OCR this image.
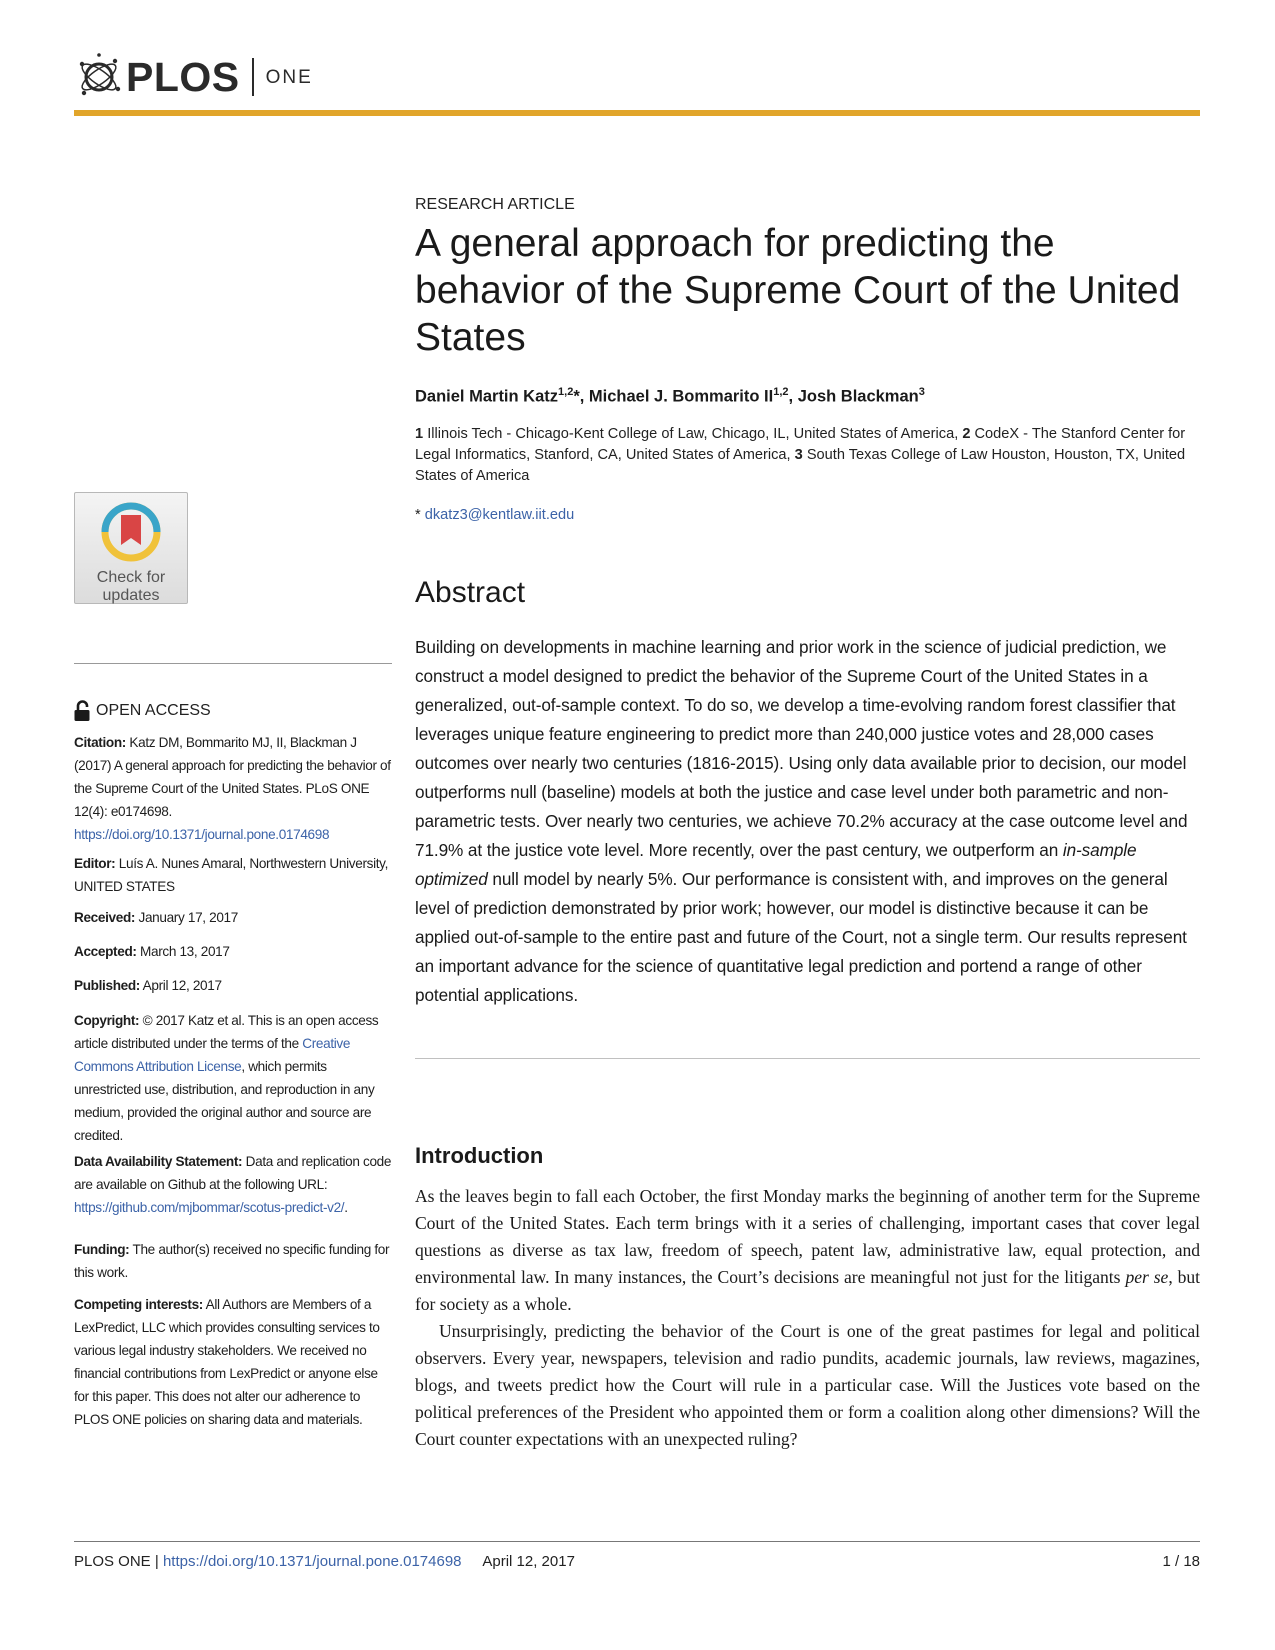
PLOS ONE
Check for
updates
OPEN ACCESS
Citation: Katz DM, Bommarito MJ, II, Blackman J (2017) A general approach for predicting the behavior of the Supreme Court of the United States. PLoS ONE 12(4): e0174698. https://doi.org/10.1371/journal.pone.0174698
Editor: Luís A. Nunes Amaral, Northwestern University, UNITED STATES
Received: January 17, 2017
Accepted: March 13, 2017
Published: April 12, 2017
Copyright: © 2017 Katz et al. This is an open access article distributed under the terms of the Creative Commons Attribution License, which permits unrestricted use, distribution, and reproduction in any medium, provided the original author and source are credited.
Data Availability Statement: Data and replication code are available on Github at the following URL: https://github.com/mjbommar/scotus-predict-v2/.
Funding: The author(s) received no specific funding for this work.
Competing interests: All Authors are Members of a LexPredict, LLC which provides consulting services to various legal industry stakeholders. We received no financial contributions from LexPredict or anyone else for this paper. This does not alter our adherence to PLOS ONE policies on sharing data and materials.
RESEARCH ARTICLE
A general approach for predicting the behavior of the Supreme Court of the United States
Daniel Martin Katz$^{1,2}$*, Michael J. Bommarito II$^{1,2}$, Josh Blackman$^3$
1 Illinois Tech - Chicago-Kent College of Law, Chicago, IL, United States of America, 2 CodeX - The Stanford Center for Legal Informatics, Stanford, CA, United States of America, 3 South Texas College of Law Houston, Houston, TX, United States of America
* dkatz3@kentlaw.iit.edu
Abstract
Building on developments in machine learning and prior work in the science of judicial prediction, we construct a model designed to predict the behavior of the Supreme Court of the United States in a generalized, out-of-sample context. To do so, we develop a time-evolving random forest classifier that leverages unique feature engineering to predict more than 240,000 justice votes and 28,000 cases outcomes over nearly two centuries (1816-2015). Using only data available prior to decision, our model outperforms null (baseline) models at both the justice and case level under both parametric and non-parametric tests. Over nearly two centuries, we achieve 70.2% accuracy at the case outcome level and 71.9% at the justice vote level. More recently, over the past century, we outperform an in-sample optimized null model by nearly 5%. Our performance is consistent with, and improves on the general level of prediction demonstrated by prior work; however, our model is distinctive because it can be applied out-of-sample to the entire past and future of the Court, not a single term. Our results represent an important advance for the science of quantitative legal prediction and portend a range of other potential applications.
Introduction

As the leaves begin to fall each October, the first Monday marks the beginning of another term for the Supreme Court of the United States. Each term brings with it a series of challenging, important cases that cover legal questions as diverse as tax law, freedom of speech, patent law, administrative law, equal protection, and environmental law. In many instances, the Court’s decisions are meaningful not just for the litigants per se, but for society as a whole.

Unsurprisingly, predicting the behavior of the Court is one of the great pastimes for legal and political observers. Every year, newspapers, television and radio pundits, academic journals, law reviews, magazines, blogs, and tweets predict how the Court will rule in a particular case. Will the Justices vote based on the political preferences of the President who appointed them or form a coalition along other dimensions? Will the Court counter expectations with an unexpected ruling?

PLOS ONE | https://doi.org/10.1371/journal.pone.0174698 April 12, 2017	1 / 18
